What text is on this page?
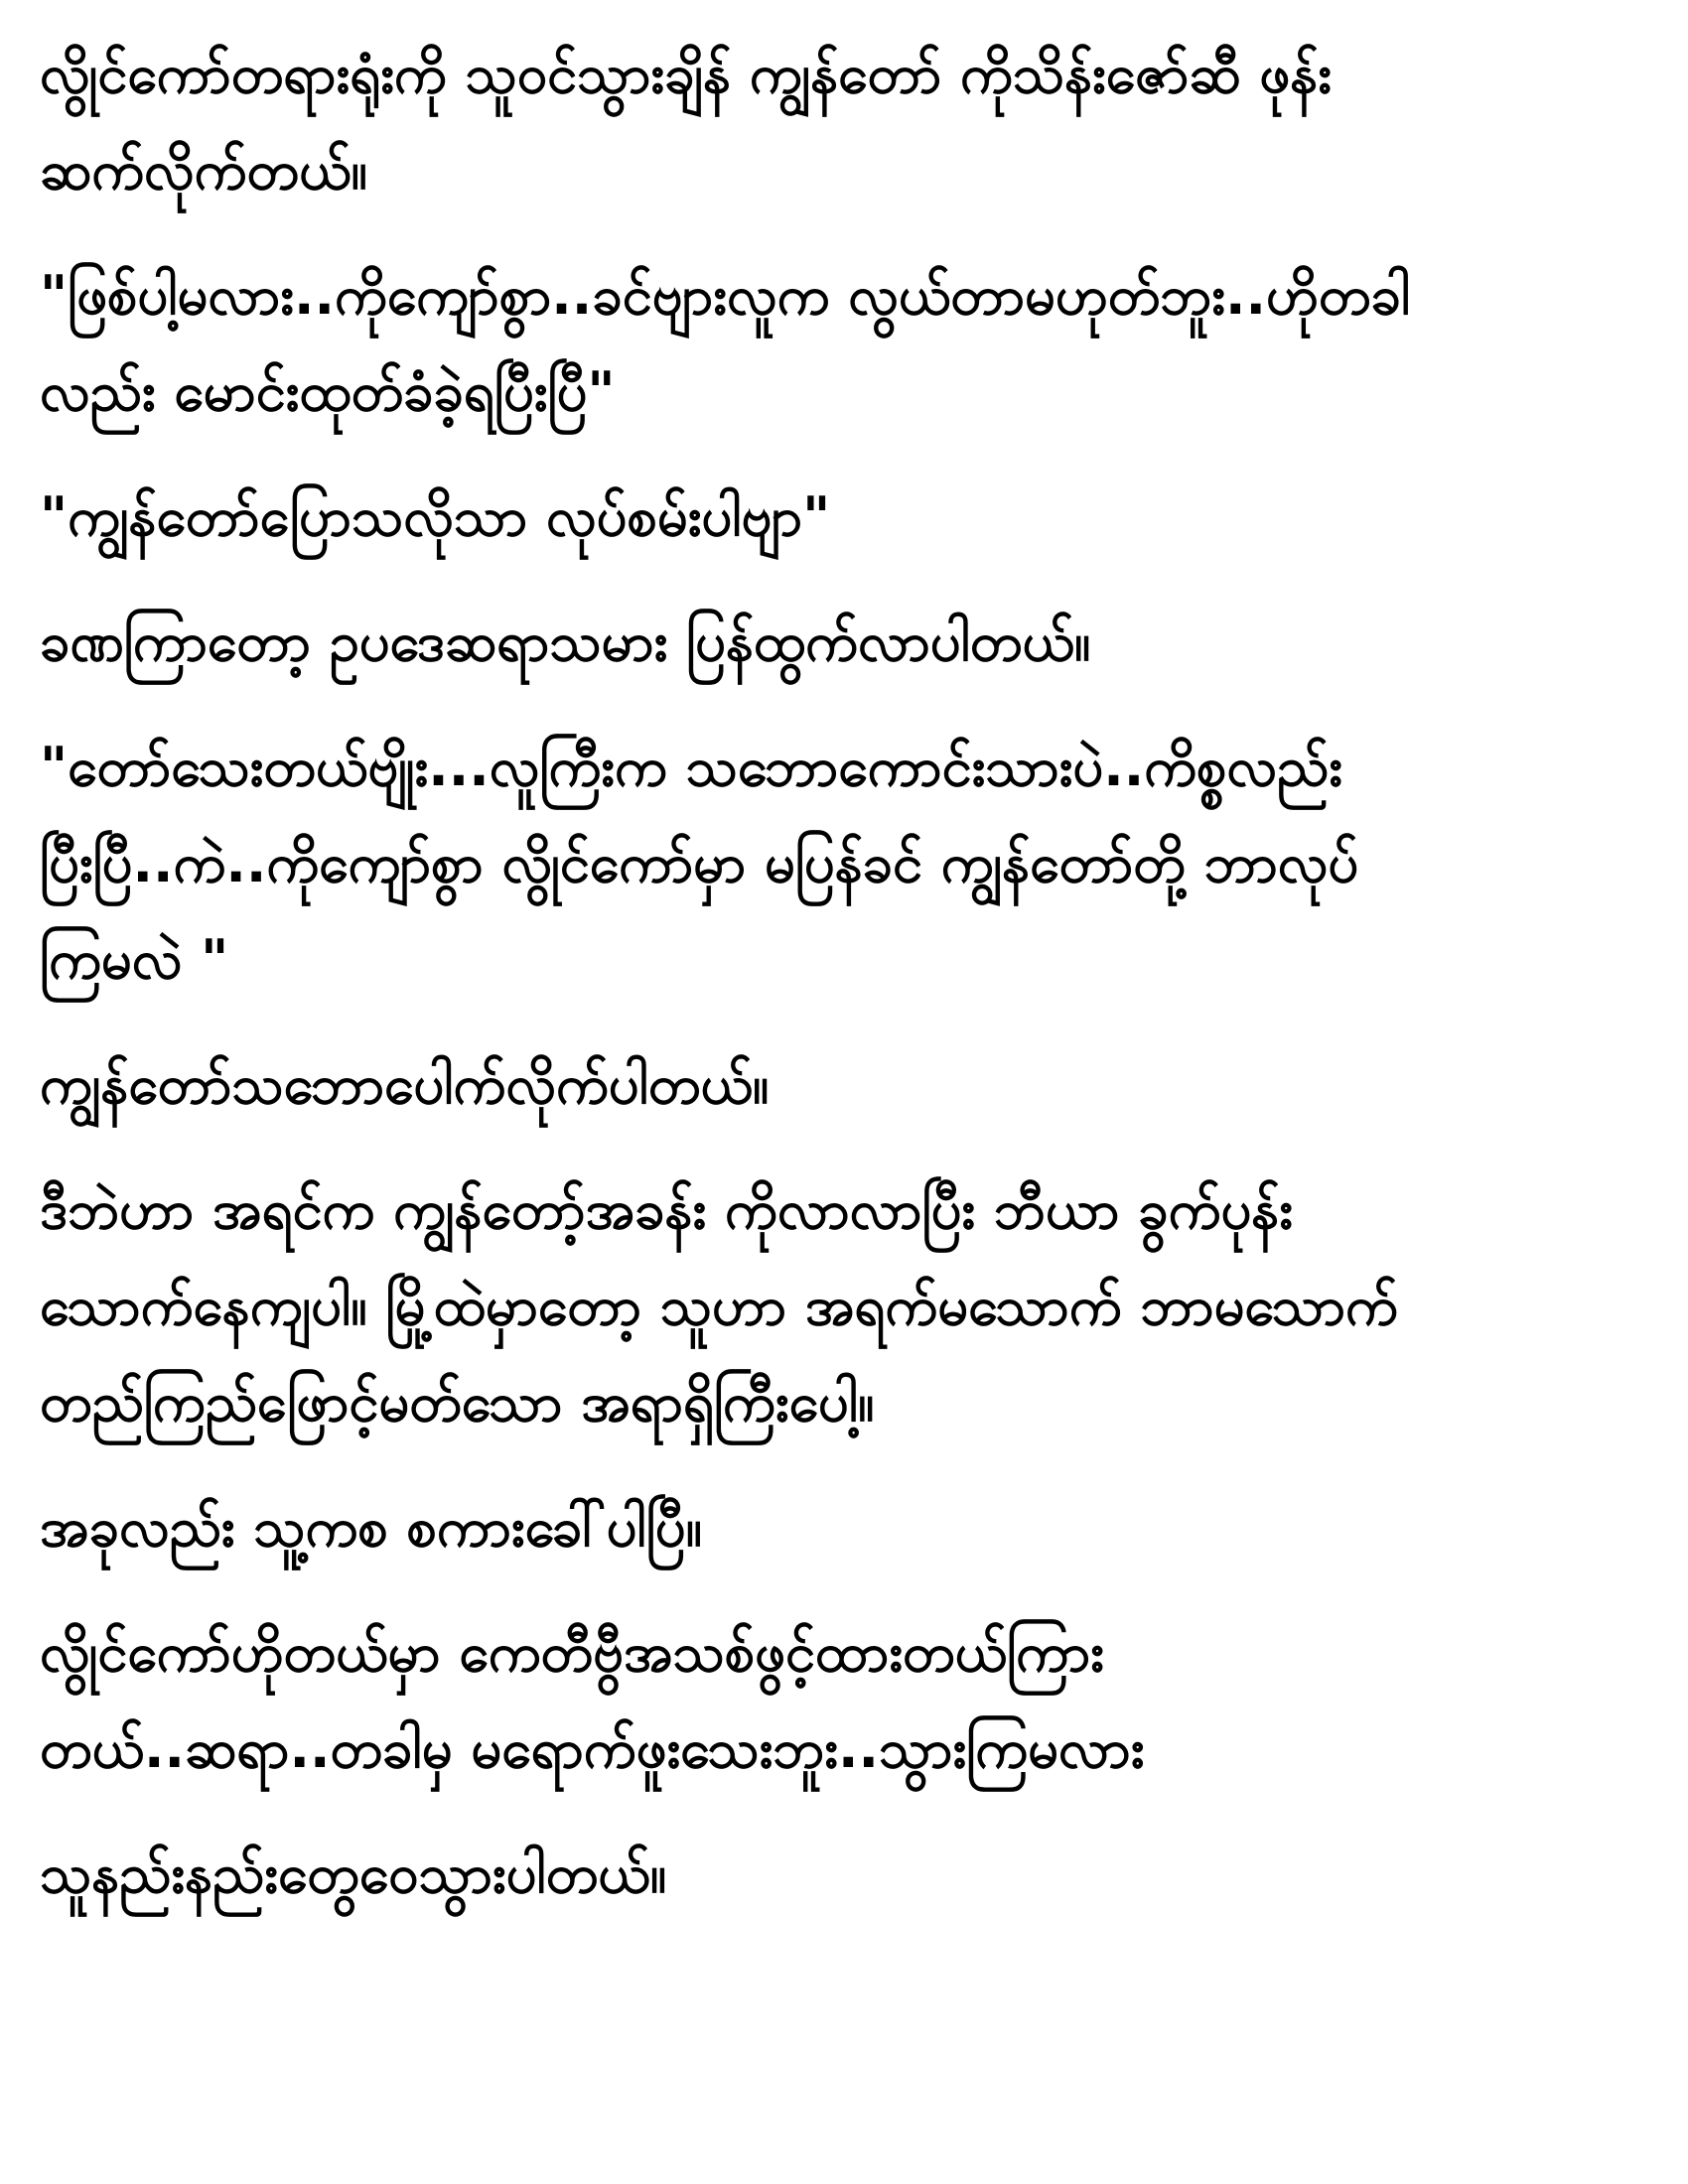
လွိုင်ကော်တရားရုံးကို သူဝင်သွားချိန် ကျွန်တော် ကိုသိန်းဇော်ဆီ ဖုန်း
ဆက်လိုက်တယ်။

"ဖြစ်ပါ့မလား..ကိုကျော်စွာ..ခင်ဗျားလူက လွယ်တာမဟုတ်ဘူး..ဟိုတခါ
လည်း မောင်းထုတ်ခံခဲ့ရပြီးပြီ"

"ကျွန်တော်ပြောသလိုသာ လုပ်စမ်းပါဗျာ"

ခဏကြာတော့ ဥပဒေဆရာသမား ပြန်ထွက်လာပါတယ်။

"တော်သေးတယ်ဗျိုး...လူကြီးက သဘောကောင်းသားပဲ..ကိစ္စလည်း
ပြီးပြီ..ကဲ..ကိုကျော်စွာ လွိုင်ကော်မှာ မပြန်ခင် ကျွန်တော်တို့ ဘာလုပ်
ကြမလဲ "

ကျွန်တော်သဘောပေါက်လိုက်ပါတယ်။

ဒီဘဲဟာ အရင်က ကျွန်တော့်အခန်း ကိုလာလာပြီး ဘီယာ ခွက်ပုန်း
သောက်နေကျပါ။ မြို့ထဲမှာတော့ သူဟာ အရက်မသောက် ဘာမသောက်
တည်ကြည်ဖြောင့်မတ်သော အရာရှိကြီးပေါ့။

အခုလည်း သူ့ကစ စကားခေါ်ပါပြီ။

လွိုင်ကော်ဟိုတယ်မှာ ကေတီဗွီအသစ်ဖွင့်ထားတယ်ကြား
တယ်..ဆရာ..တခါမှ မရောက်ဖူးသေးဘူး..သွားကြမလား

သူနည်းနည်းတွေဝေသွားပါတယ်။
